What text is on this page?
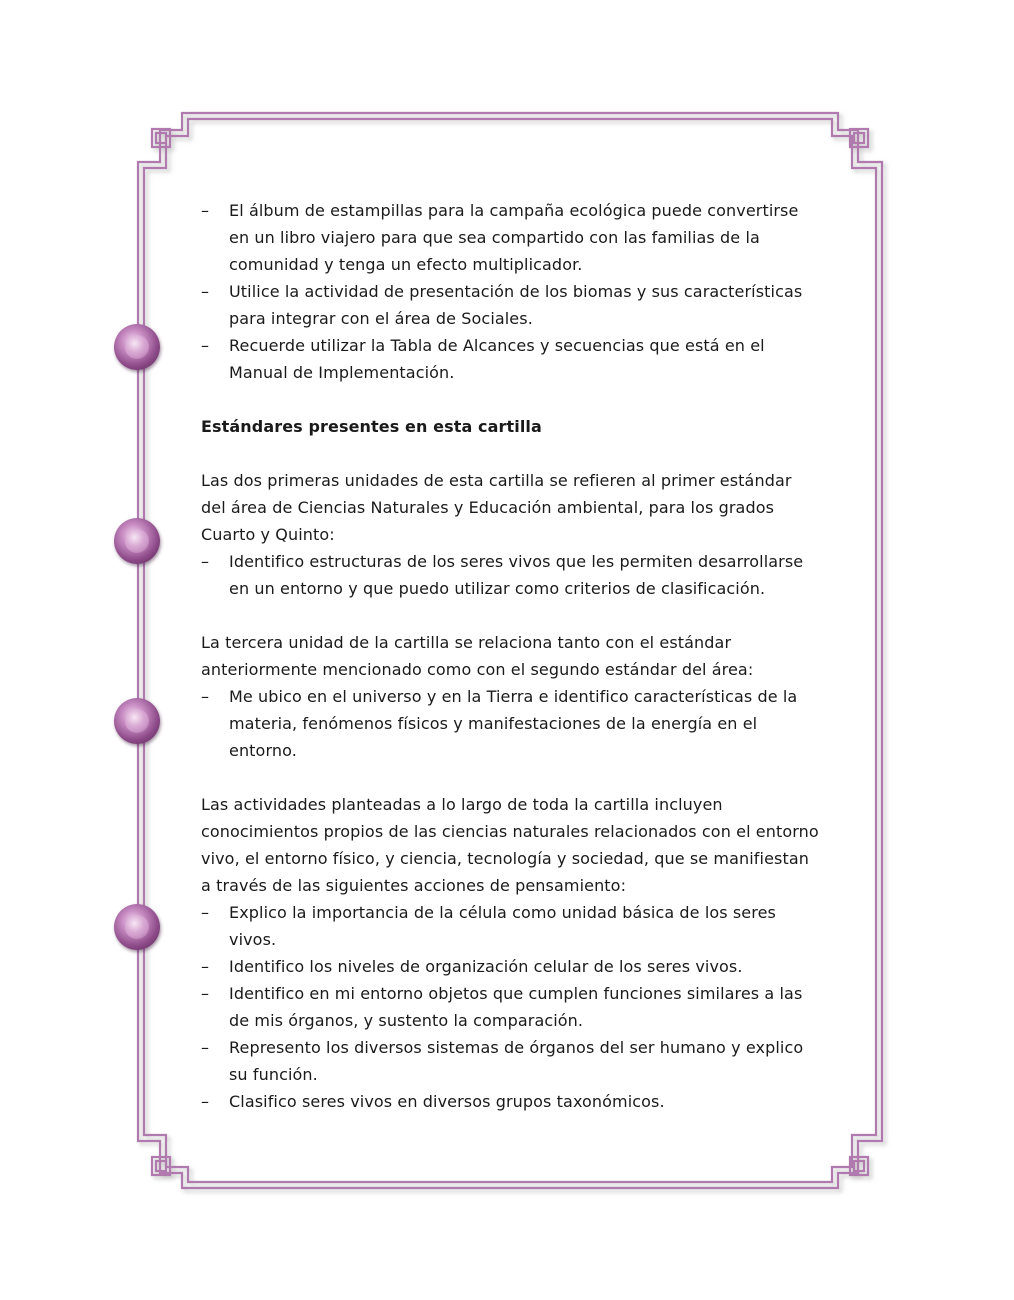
– El álbum de estampillas para la campaña ecológica puede convertirse en un libro viajero para que sea compartido con las familias de la comunidad y tenga un efecto multiplicador.
– Utilice la actividad de presentación de los biomas y sus características para integrar con el área de Sociales.
– Recuerde utilizar la Tabla de Alcances y secuencias que está en el Manual de Implementación.

Estándares presentes en esta cartilla

Las dos primeras unidades de esta cartilla se refieren al primer estándar del área de Ciencias Naturales y Educación ambiental, para los grados Cuarto y Quinto:

– Identifico estructuras de los seres vivos que les permiten desarrollarse en un entorno y que puedo utilizar como criterios de clasificación.

La tercera unidad de la cartilla se relaciona tanto con el estándar anteriormente mencionado como con el segundo estándar del área:

– Me ubico en el universo y en la Tierra e identifico características de la materia, fenómenos físicos y manifestaciones de la energía en el entorno.

Las actividades planteadas a lo largo de toda la cartilla incluyen conocimientos propios de las ciencias naturales relacionados con el entorno vivo, el entorno físico, y ciencia, tecnología y sociedad, que se manifiestan a través de las siguientes acciones de pensamiento:

– Explico la importancia de la célula como unidad básica de los seres vivos.
– Identifico los niveles de organización celular de los seres vivos.
– Identifico en mi entorno objetos que cumplen funciones similares a las de mis órganos, y sustento la comparación.
– Represento los diversos sistemas de órganos del ser humano y explico su función.
– Clasifico seres vivos en diversos grupos taxonómicos.
